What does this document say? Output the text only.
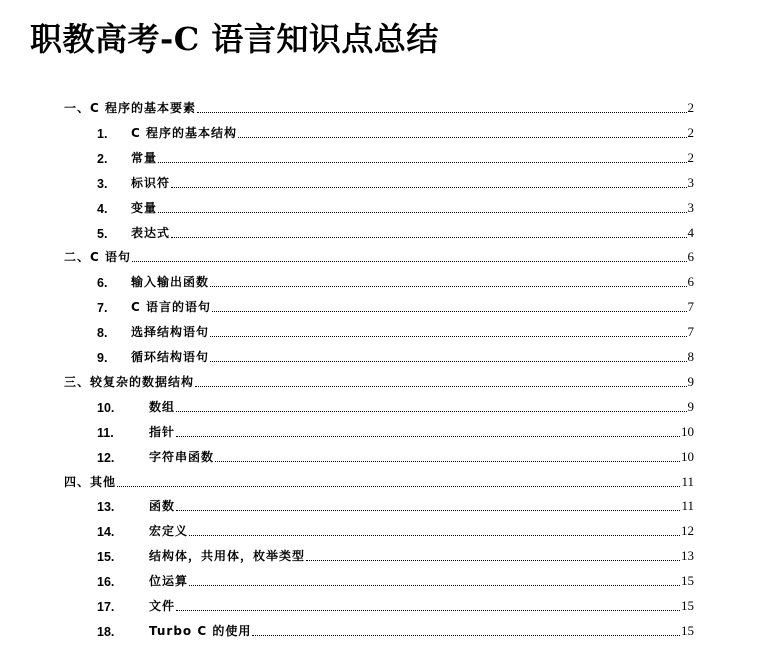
职教高考-C 语言知识点总结
一、C 程序的基本要素	2
1.	C 程序的基本结构	2
2.	常量	2
3.	标识符	3
4.	变量	3
5.	表达式	4
二、C 语句	6
6.	输入输出函数	6
7.	C 语言的语句	7
8.	选择结构语句	7
9.	循环结构语句	8
三、较复杂的数据结构	9
10.	数组	9
11.	指针	10
12.	字符串函数	10
四、其他	11
13.	函数	11
14.	宏定义	12
15.	结构体，共用体，枚举类型	13
16.	位运算	15
17.	文件	15
18.	Turbo C 的使用	15
